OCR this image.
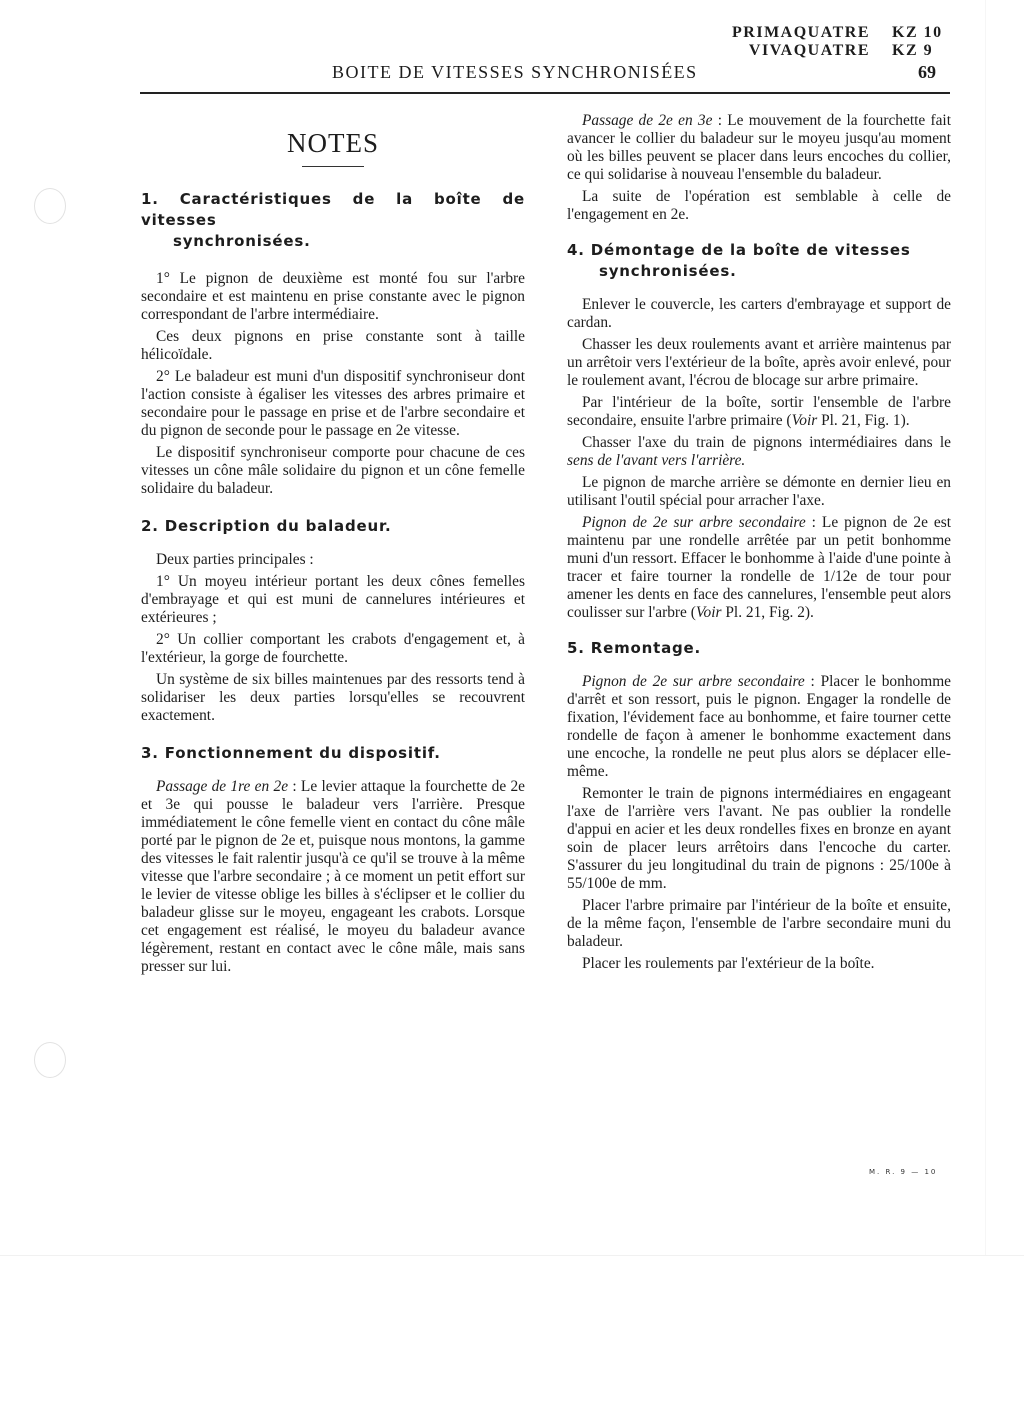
PRIMAQUATRE KZ 10
VIVAQUATRE KZ 9
BOITE DE VITESSES SYNCHRONISÉES	69
NOTES
1. Caractéristiques de la boîte de vitesses
synchronisées.

1° Le pignon de deuxième est monté fou sur l'arbre secondaire et est maintenu en prise constante avec le pignon correspondant de l'arbre intermédiaire.

Ces deux pignons en prise constante sont à taille hélicoïdale.

2° Le baladeur est muni d'un dispositif synchroniseur dont l'action consiste à égaliser les vitesses des arbres primaire et secondaire pour le passage en prise et de l'arbre secondaire et du pignon de seconde pour le passage en 2e vitesse.

Le dispositif synchroniseur comporte pour chacune de ces vitesses un cône mâle solidaire du pignon et un cône femelle solidaire du baladeur.

2. Description du baladeur.

Deux parties principales :

1° Un moyeu intérieur portant les deux cônes femelles d'embrayage et qui est muni de cannelures intérieures et extérieures ;

2° Un collier comportant les crabots d'engagement et, à l'extérieur, la gorge de fourchette.

Un système de six billes maintenues par des ressorts tend à solidariser les deux parties lorsqu'elles se recouvrent exactement.

3. Fonctionnement du dispositif.

Passage de 1re en 2e : Le levier attaque la fourchette de 2e et 3e qui pousse le baladeur vers l'arrière. Presque immédiatement le cône femelle vient en contact du cône mâle porté par le pignon de 2e et, puisque nous montons, la gamme des vitesses le fait ralentir jusqu'à ce qu'il se trouve à la même vitesse que l'arbre secondaire ; à ce moment un petit effort sur le levier de vitesse oblige les billes à s'éclipser et le collier du baladeur glisse sur le moyeu, engageant les crabots. Lorsque cet engagement est réalisé, le moyeu du baladeur avance légèrement, restant en contact avec le cône mâle, mais sans presser sur lui.

Passage de 2e en 3e : Le mouvement de la fourchette fait avancer le collier du baladeur sur le moyeu jusqu'au moment où les billes peuvent se placer dans leurs encoches du collier, ce qui solidarise à nouveau l'ensemble du baladeur.

La suite de l'opération est semblable à celle de l'engagement en 2e.

4. Démontage de la boîte de vitesses
synchronisées.

Enlever le couvercle, les carters d'embrayage et support de cardan.

Chasser les deux roulements avant et arrière maintenus par un arrêtoir vers l'extérieur de la boîte, après avoir enlevé, pour le roulement avant, l'écrou de blocage sur arbre primaire.

Par l'intérieur de la boîte, sortir l'ensemble de l'arbre secondaire, ensuite l'arbre primaire (Voir Pl. 21, Fig. 1).

Chasser l'axe du train de pignons intermédiaires dans le sens de l'avant vers l'arrière.

Le pignon de marche arrière se démonte en dernier lieu en utilisant l'outil spécial pour arracher l'axe.

Pignon de 2e sur arbre secondaire : Le pignon de 2e est maintenu par une rondelle arrêtée par un petit bonhomme muni d'un ressort. Effacer le bonhomme à l'aide d'une pointe à tracer et faire tourner la rondelle de 1/12e de tour pour amener les dents en face des cannelures, l'ensemble peut alors coulisser sur l'arbre (Voir Pl. 21, Fig. 2).

5. Remontage.

Pignon de 2e sur arbre secondaire : Placer le bonhomme d'arrêt et son ressort, puis le pignon. Engager la rondelle de fixation, l'évidement face au bonhomme, et faire tourner cette rondelle de façon à amener le bonhomme exactement dans une encoche, la rondelle ne peut plus alors se déplacer elle-même.

Remonter le train de pignons intermédiaires en engageant l'axe de l'arrière vers l'avant. Ne pas oublier la rondelle d'appui en acier et les deux rondelles fixes en bronze en ayant soin de placer leurs arrêtoirs dans l'encoche du carter. S'assurer du jeu longitudinal du train de pignons : 25/100e à 55/100e de mm.

Placer l'arbre primaire par l'intérieur de la boîte et ensuite, de la même façon, l'ensemble de l'arbre secondaire muni du baladeur.

Placer les roulements par l'extérieur de la boîte.

M. R. 9 — 10
